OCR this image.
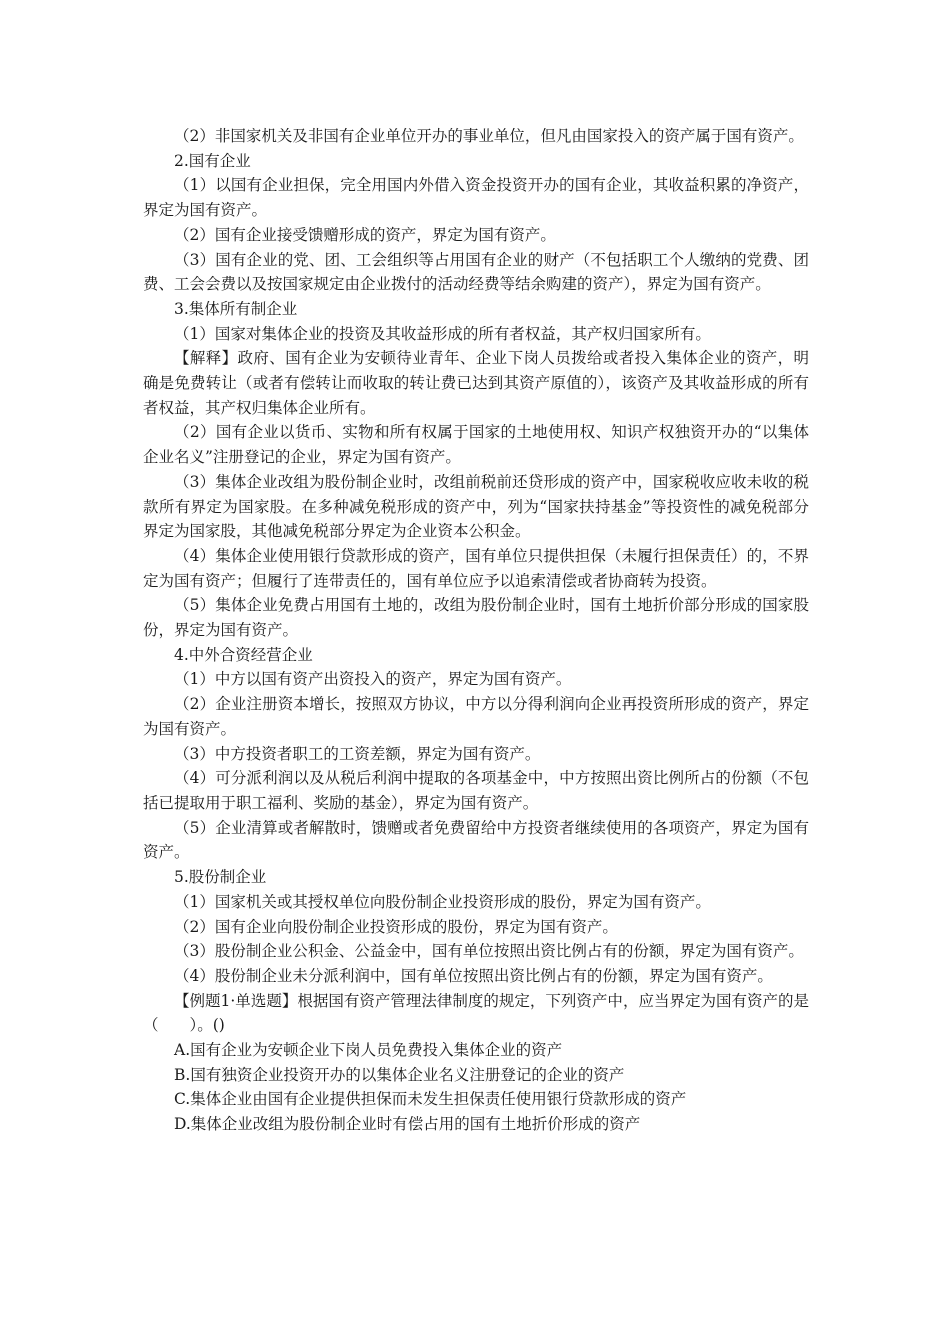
（2）非国家机关及非国有企业单位开办的事业单位，但凡由国家投入的资产属于国有资产。

2.国有企业

（1）以国有企业担保，完全用国内外借入资金投资开办的国有企业，其收益积累的净资产，界定为国有资产。

（2）国有企业接受馈赠形成的资产，界定为国有资产。

（3）国有企业的党、团、工会组织等占用国有企业的财产（不包括职工个人缴纳的党费、团费、工会会费以及按国家规定由企业拨付的活动经费等结余购建的资产），界定为国有资产。

3.集体所有制企业

（1）国家对集体企业的投资及其收益形成的所有者权益，其产权归国家所有。

【解释】政府、国有企业为安顿待业青年、企业下岗人员拨给或者投入集体企业的资产，明确是免费转让（或者有偿转让而收取的转让费已达到其资产原值的），该资产及其收益形成的所有者权益，其产权归集体企业所有。

（2）国有企业以货币、实物和所有权属于国家的土地使用权、知识产权独资开办的“以集体企业名义”注册登记的企业，界定为国有资产。

（3）集体企业改组为股份制企业时，改组前税前还贷形成的资产中，国家税收应收未收的税款所有界定为国家股。在多种减免税形成的资产中，列为“国家扶持基金”等投资性的减免税部分界定为国家股，其他减免税部分界定为企业资本公积金。

（4）集体企业使用银行贷款形成的资产，国有单位只提供担保（未履行担保责任）的，不界定为国有资产；但履行了连带责任的，国有单位应予以追索清偿或者协商转为投资。

（5）集体企业免费占用国有土地的，改组为股份制企业时，国有土地折价部分形成的国家股份，界定为国有资产。

4.中外合资经营企业

（1）中方以国有资产出资投入的资产，界定为国有资产。

（2）企业注册资本增长，按照双方协议，中方以分得利润向企业再投资所形成的资产，界定为国有资产。

（3）中方投资者职工的工资差额，界定为国有资产。

（4）可分派利润以及从税后利润中提取的各项基金中，中方按照出资比例所占的份额（不包括已提取用于职工福利、奖励的基金），界定为国有资产。

（5）企业清算或者解散时，馈赠或者免费留给中方投资者继续使用的各项资产，界定为国有资产。

5.股份制企业

（1）国家机关或其授权单位向股份制企业投资形成的股份，界定为国有资产。

（2）国有企业向股份制企业投资形成的股份，界定为国有资产。

（3）股份制企业公积金、公益金中，国有单位按照出资比例占有的份额，界定为国有资产。

（4）股份制企业未分派利润中，国有单位按照出资比例占有的份额，界定为国有资产。

【例题1·单选题】根据国有资产管理法律制度的规定，下列资产中，应当界定为国有资产的是（　　）。()

A.国有企业为安顿企业下岗人员免费投入集体企业的资产

B.国有独资企业投资开办的以集体企业名义注册登记的企业的资产

C.集体企业由国有企业提供担保而未发生担保责任使用银行贷款形成的资产

D.集体企业改组为股份制企业时有偿占用的国有土地折价形成的资产
